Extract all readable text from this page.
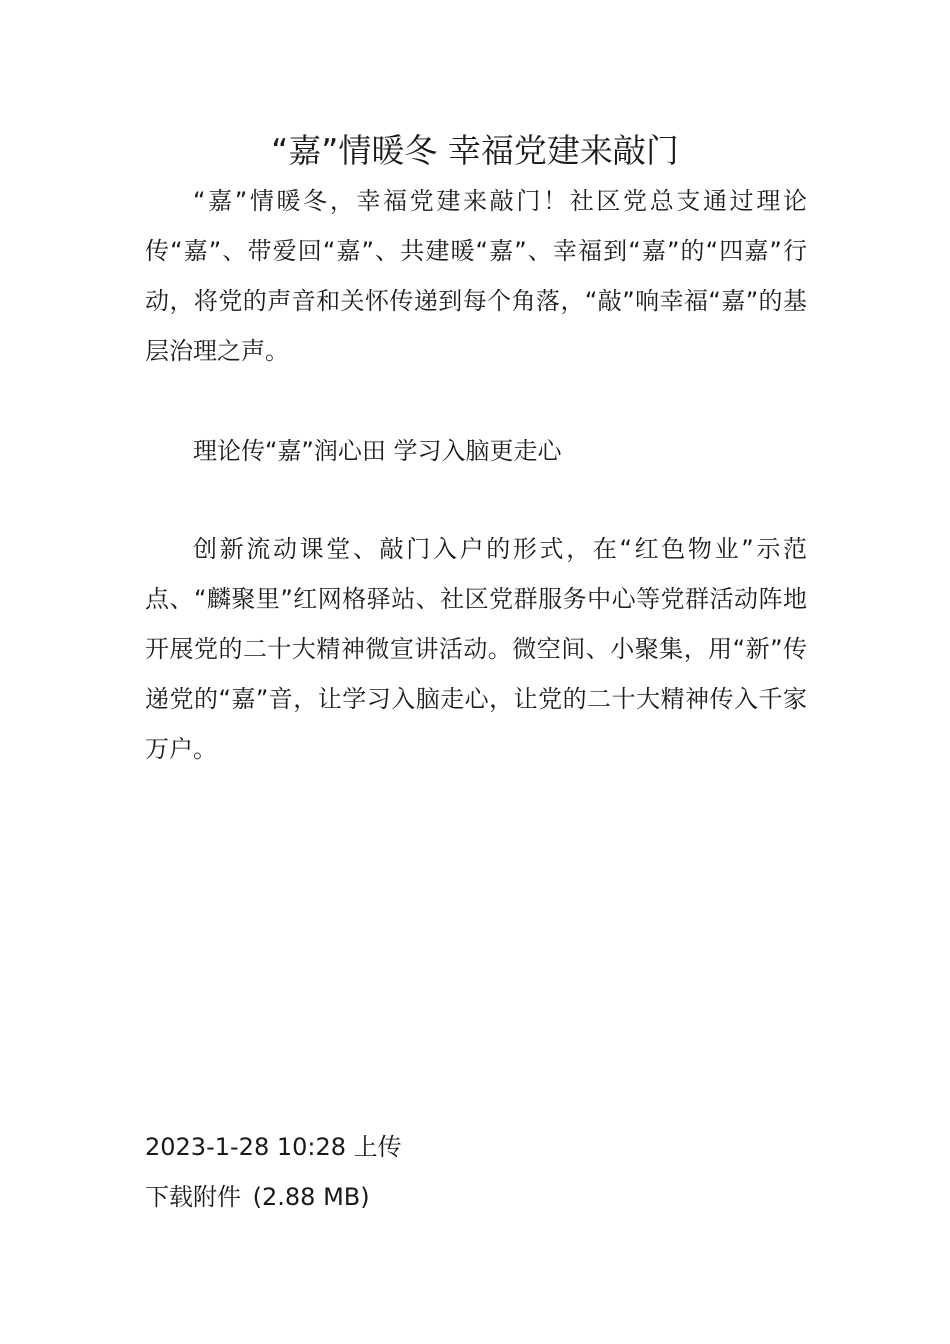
“嘉”情暖冬 幸福党建来敲门

“嘉”情暖冬，幸福党建来敲门！社区党总支通过理论传“嘉”、带爱回“嘉”、共建暖“嘉”、幸福到“嘉”的“四嘉”行动，将党的声音和关怀传递到每个角落，“敲”响幸福“嘉”的基层治理之声。

理论传“嘉”润心田 学习入脑更走心

创新流动课堂、敲门入户的形式，在“红色物业”示范点、“麟聚里”红网格驿站、社区党群服务中心等党群活动阵地开展党的二十大精神微宣讲活动。微空间、小聚集，用“新”传递党的“嘉”音，让学习入脑走心，让党的二十大精神传入千家万户。

2023-1-28 10:28 上传

下载附件 (2.88 MB)
